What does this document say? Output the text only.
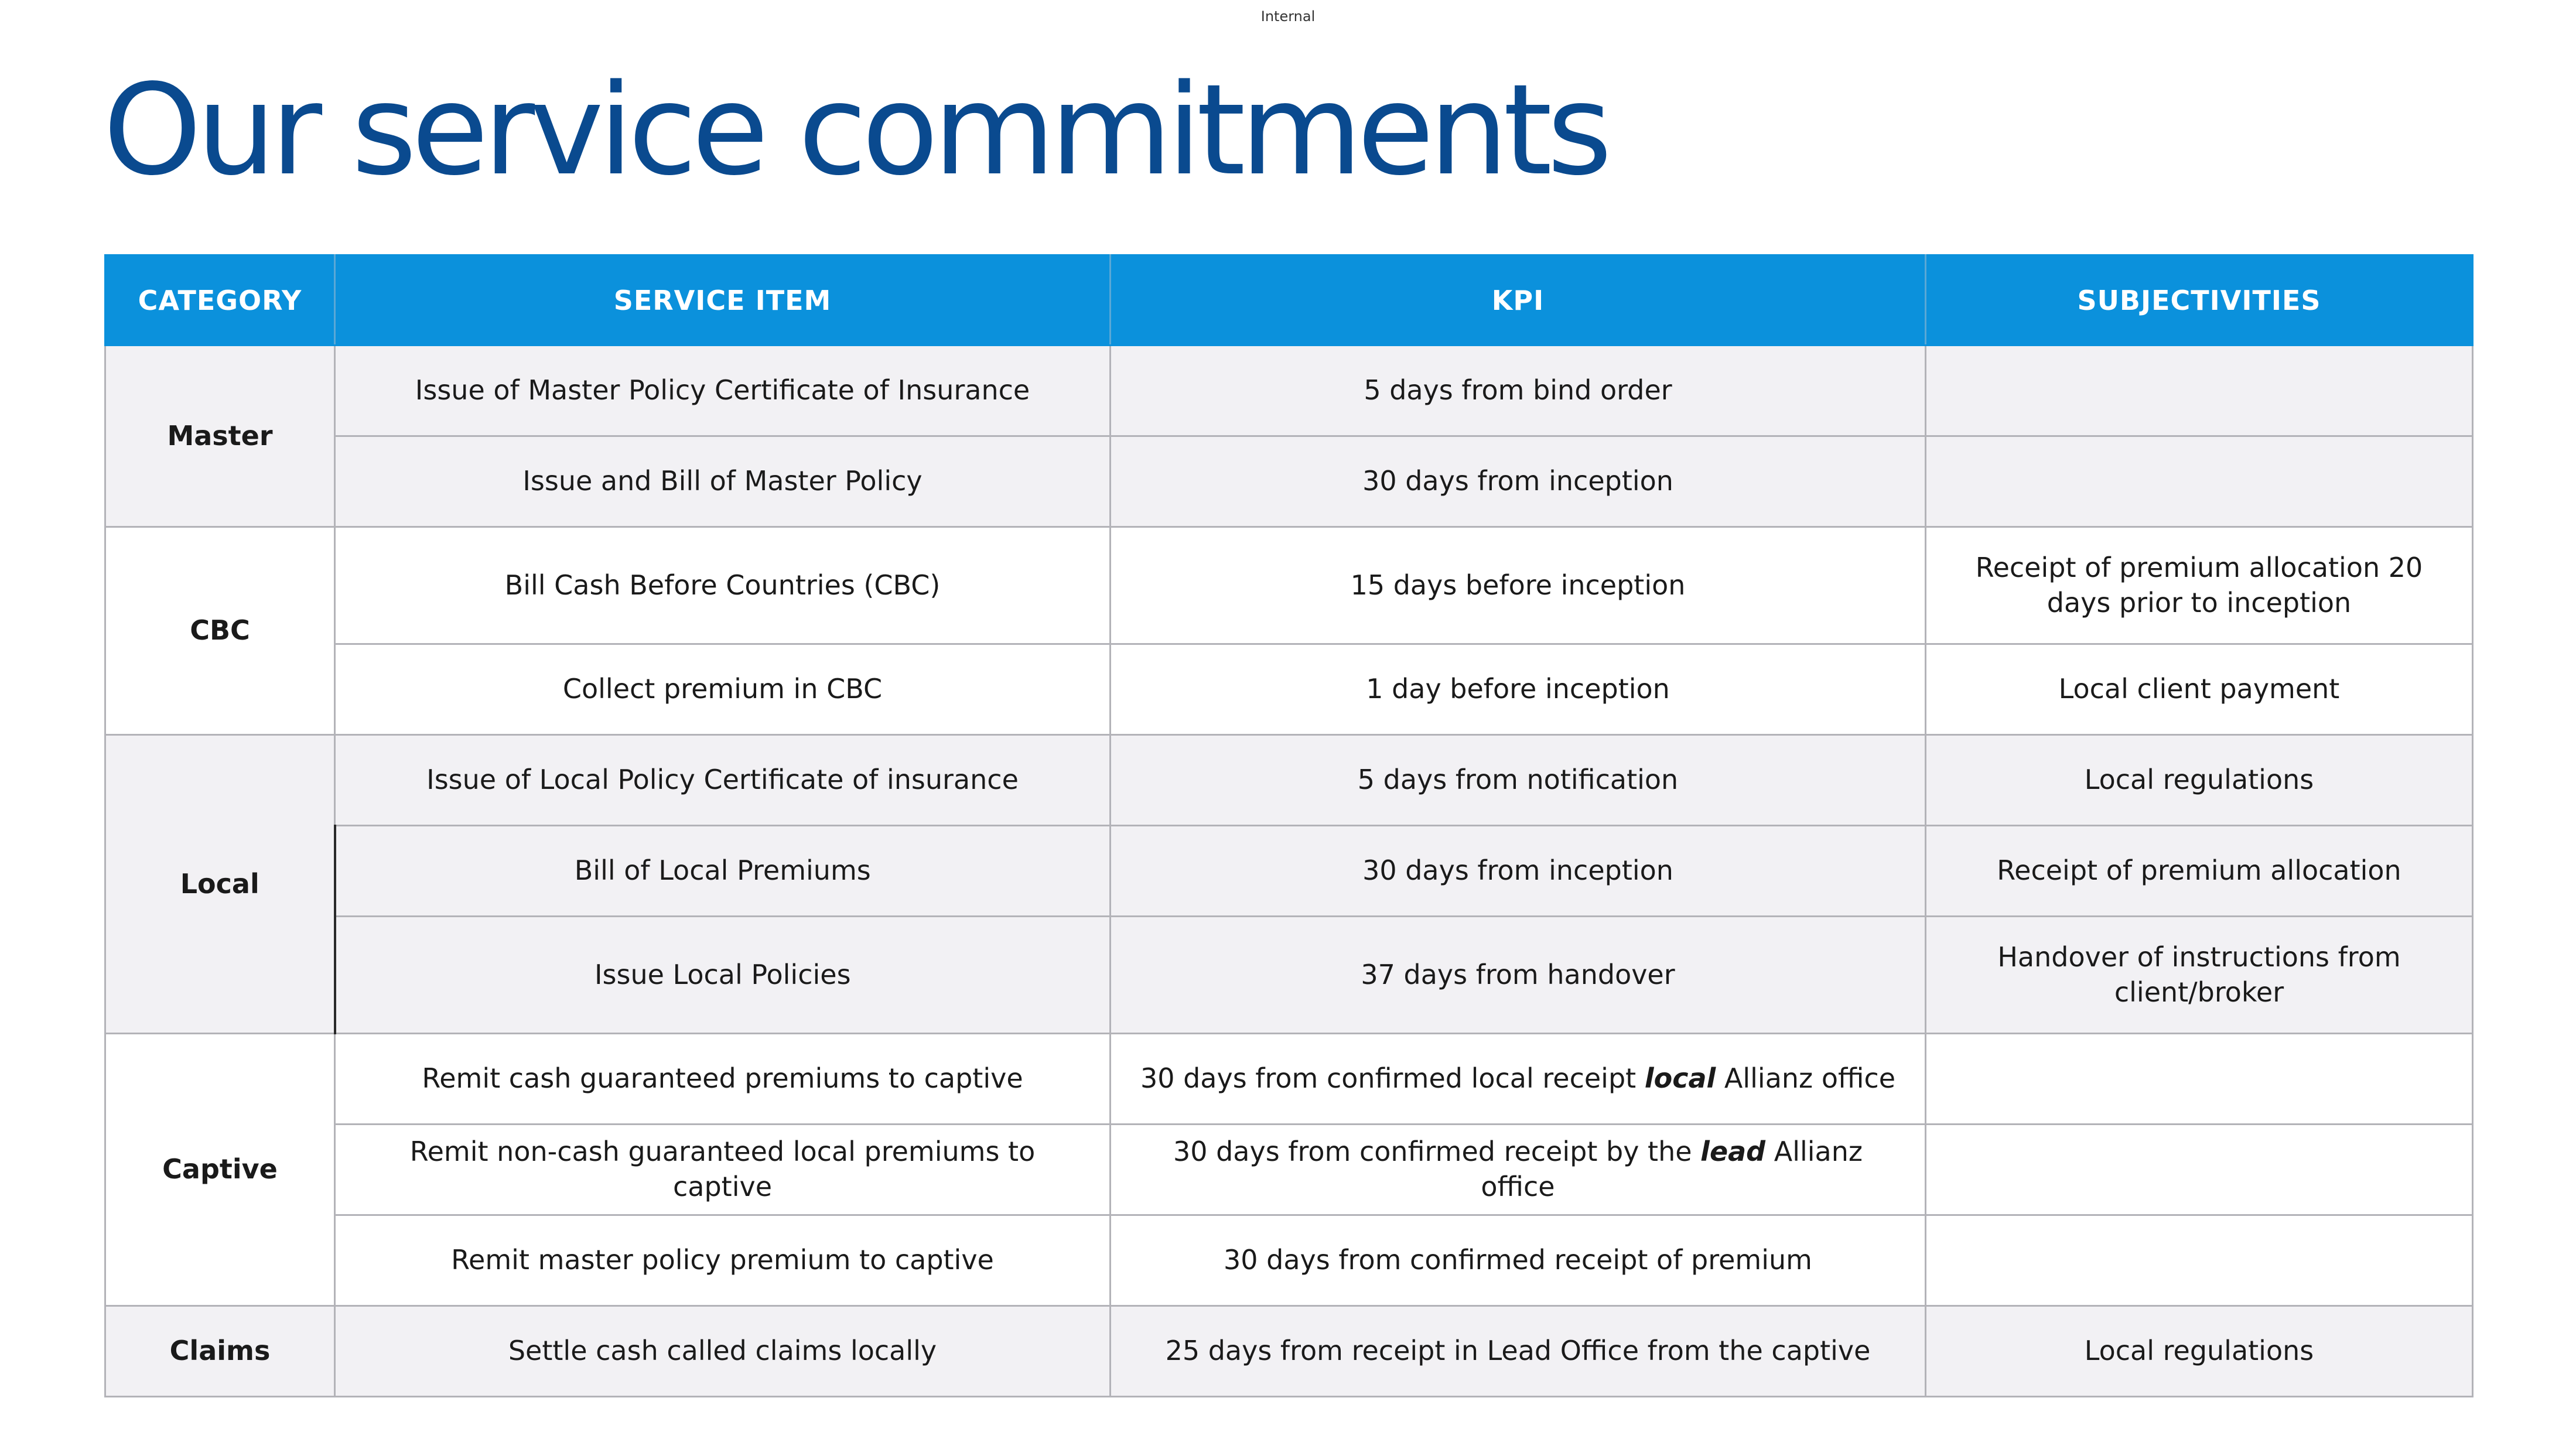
Internal
Our service commitments
CATEGORY	SERVICE ITEM	KPI	SUBJECTIVITIES
Master	Issue of Master Policy Certificate of Insurance	5 days from bind order	
	Issue and Bill of Master Policy	30 days from inception	
CBC	Bill Cash Before Countries (CBC)	15 days before inception	Receipt of premium allocation 20 days prior to inception
	Collect premium in CBC	1 day before inception	Local client payment
Local	Issue of Local Policy Certificate of insurance	5 days from notification	Local regulations
	Bill of Local Premiums	30 days from inception	Receipt of premium allocation
	Issue Local Policies	37 days from handover	Handover of instructions from client/broker
Captive	Remit cash guaranteed premiums to captive	30 days from confirmed local receipt local Allianz office	
	Remit non-cash guaranteed local premiums to captive	30 days from confirmed receipt by the lead Allianz office	
	Remit master policy premium to captive	30 days from confirmed receipt of premium	
Claims	Settle cash called claims locally	25 days from receipt in Lead Office from the captive	Local regulations
